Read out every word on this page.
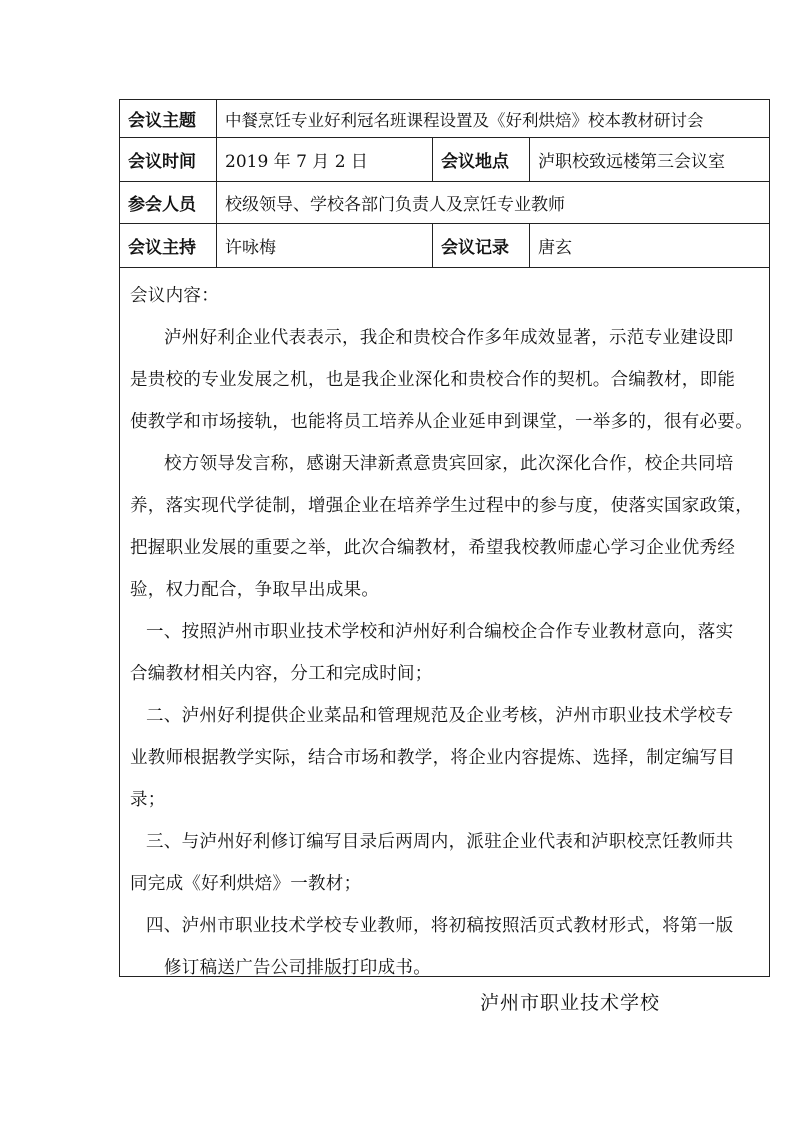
会议主题	中餐烹饪专业好利冠名班课程设置及《好利烘焙》校本教材研讨会
会议时间	2019 年 7 月 2 日	会议地点	泸职校致远楼第三会议室
参会人员	校级领导、学校各部门负责人及烹饪专业教师
会议主持	许咏梅	会议记录	唐玄
会议内容：
泸州好利企业代表表示，我企和贵校合作多年成效显著，示范专业建设即
是贵校的专业发展之机，也是我企业深化和贵校合作的契机。合编教材，即能
使教学和市场接轨，也能将员工培养从企业延申到课堂，一举多的，很有必要。
校方领导发言称，感谢天津新煮意贵宾回家，此次深化合作，校企共同培
养，落实现代学徒制，增强企业在培养学生过程中的参与度，使落实国家政策，
把握职业发展的重要之举，此次合编教材，希望我校教师虚心学习企业优秀经
验，权力配合，争取早出成果。
一、按照泸州市职业技术学校和泸州好利合编校企合作专业教材意向，落实
合编教材相关内容，分工和完成时间；
二、泸州好利提供企业菜品和管理规范及企业考核，泸州市职业技术学校专
业教师根据教学实际，结合市场和教学，将企业内容提炼、选择，制定编写目
录；
三、与泸州好利修订编写目录后两周内，派驻企业代表和泸职校烹饪教师共
同完成《好利烘焙》一教材；
四、泸州市职业技术学校专业教师，将初稿按照活页式教材形式，将第一版
修订稿送广告公司排版打印成书。
泸州市职业技术学校
